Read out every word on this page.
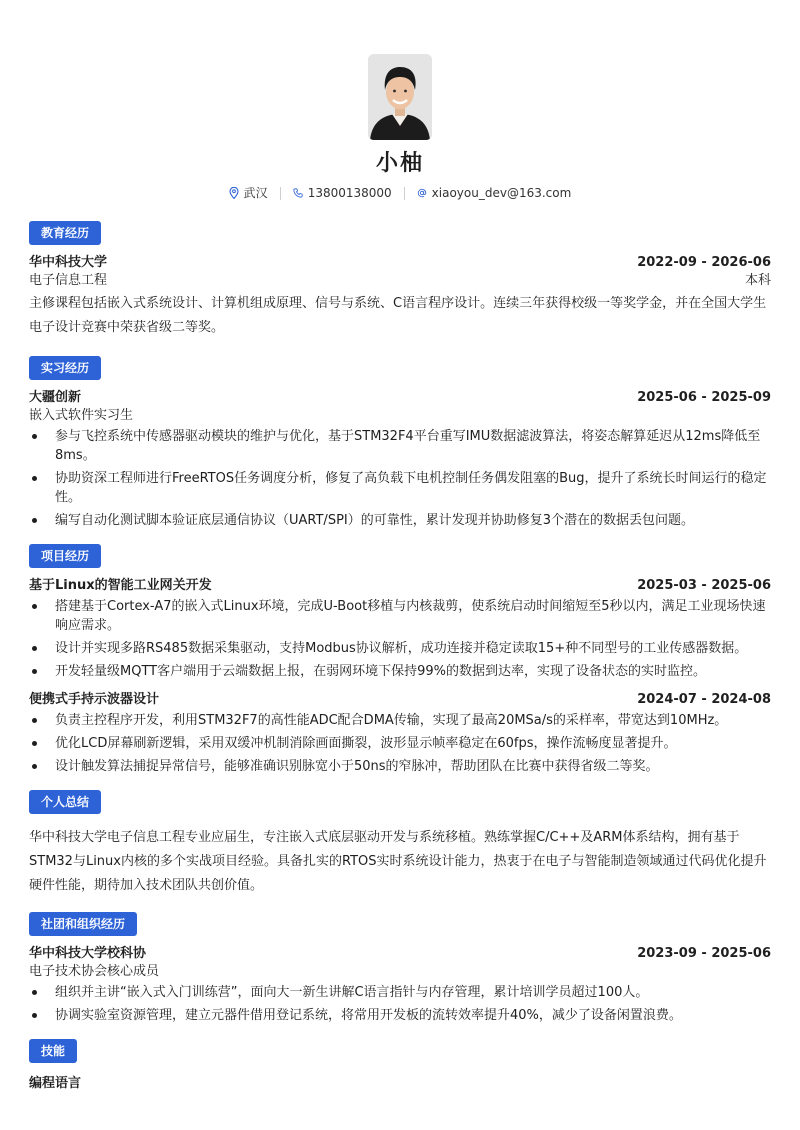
小柚
武汉	13800138000	xiaoyou_dev@163.com
教育经历
华中科技大学	2022-09 - 2026-06
电子信息工程	本科
主修课程包括嵌入式系统设计、计算机组成原理、信号与系统、C语言程序设计。连续三年获得校级一等奖学金，并在全国大学生电子设计竞赛中荣获省级二等奖。
实习经历
大疆创新	2025-06 - 2025-09
嵌入式软件实习生
参与飞控系统中传感器驱动模块的维护与优化，基于STM32F4平台重写IMU数据滤波算法，将姿态解算延迟从12ms降低至8ms。
协助资深工程师进行FreeRTOS任务调度分析，修复了高负载下电机控制任务偶发阻塞的Bug，提升了系统长时间运行的稳定性。
编写自动化测试脚本验证底层通信协议（UART/SPI）的可靠性，累计发现并协助修复3个潜在的数据丢包问题。
项目经历
基于Linux的智能工业网关开发	2025-03 - 2025-06
搭建基于Cortex-A7的嵌入式Linux环境，完成U-Boot移植与内核裁剪，使系统启动时间缩短至5秒以内，满足工业现场快速响应需求。
设计并实现多路RS485数据采集驱动，支持Modbus协议解析，成功连接并稳定读取15+种不同型号的工业传感器数据。
开发轻量级MQTT客户端用于云端数据上报，在弱网环境下保持99%的数据到达率，实现了设备状态的实时监控。
便携式手持示波器设计	2024-07 - 2024-08
负责主控程序开发，利用STM32F7的高性能ADC配合DMA传输，实现了最高20MSa/s的采样率，带宽达到10MHz。
优化LCD屏幕刷新逻辑，采用双缓冲机制消除画面撕裂，波形显示帧率稳定在60fps，操作流畅度显著提升。
设计触发算法捕捉异常信号，能够准确识别脉宽小于50ns的窄脉冲，帮助团队在比赛中获得省级二等奖。
个人总结
华中科技大学电子信息工程专业应届生，专注嵌入式底层驱动开发与系统移植。熟练掌握C/C++及ARM体系结构，拥有基于STM32与Linux内核的多个实战项目经验。具备扎实的RTOS实时系统设计能力，热衷于在电子与智能制造领域通过代码优化提升硬件性能，期待加入技术团队共创价值。
社团和组织经历
华中科技大学校科协	2023-09 - 2025-06
电子技术协会核心成员
组织并主讲“嵌入式入门训练营”，面向大一新生讲解C语言指针与内存管理，累计培训学员超过100人。
协调实验室资源管理，建立元器件借用登记系统，将常用开发板的流转效率提升40%，减少了设备闲置浪费。
技能
编程语言
